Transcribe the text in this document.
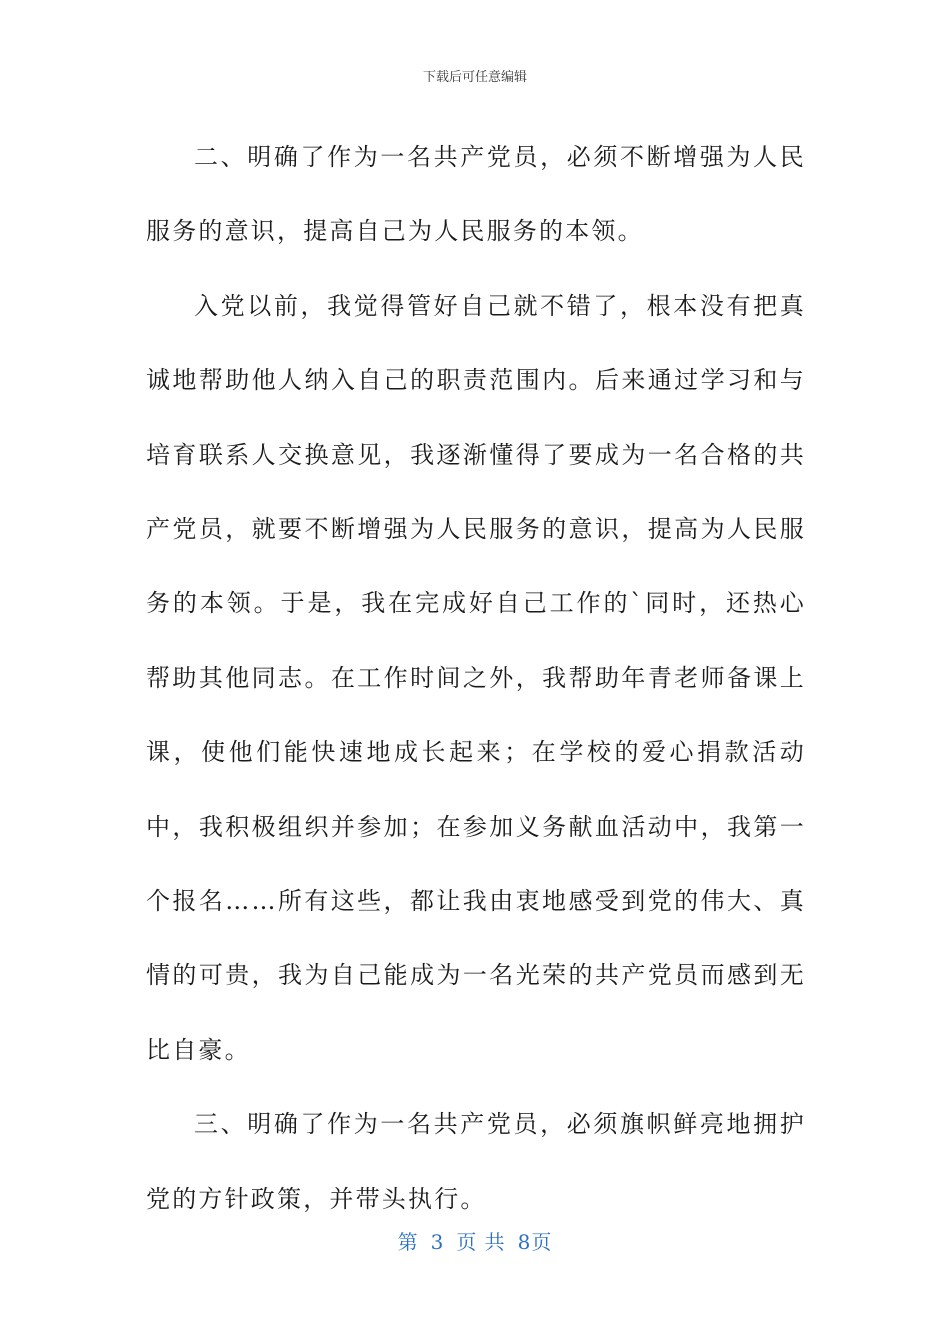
下载后可任意编辑

二、明确了作为一名共产党员，必须不断增强为人民服务的意识，提高自己为人民服务的本领。

入党以前，我觉得管好自己就不错了，根本没有把真诚地帮助他人纳入自己的职责范围内。后来通过学习和与培育联系人交换意见，我逐渐懂得了要成为一名合格的共产党员，就要不断增强为人民服务的意识，提高为人民服务的本领。于是，我在完成好自己工作的`同时，还热心帮助其他同志。在工作时间之外，我帮助年青老师备课上课，使他们能快速地成长起来；在学校的爱心捐款活动中，我积极组织并参加；在参加义务献血活动中，我第一个报名……所有这些，都让我由衷地感受到党的伟大、真情的可贵，我为自己能成为一名光荣的共产党员而感到无比自豪。

三、明确了作为一名共产党员，必须旗帜鲜亮地拥护党的方针政策，并带头执行。

第 3 页 共 8页
